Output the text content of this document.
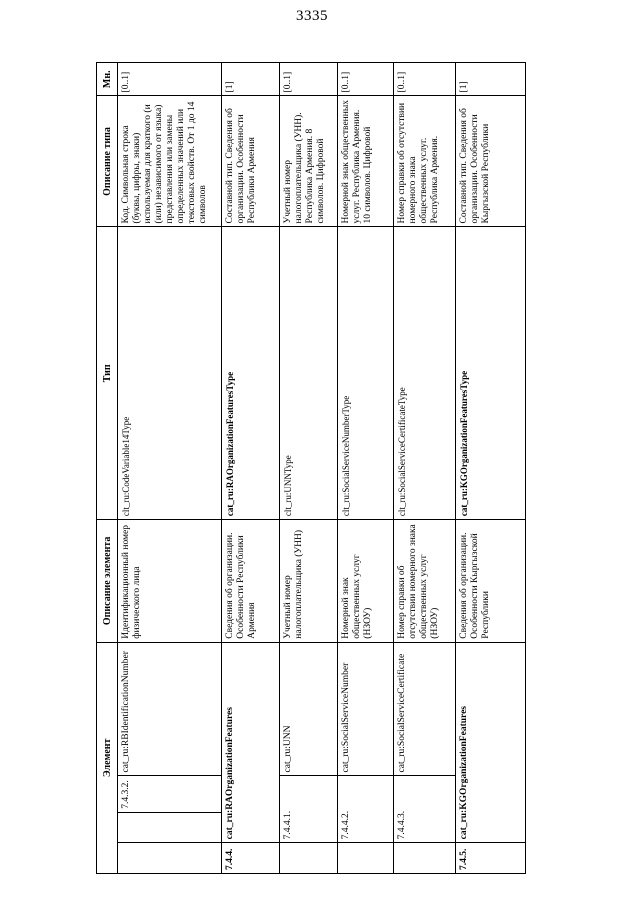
3335
Элемент				Описание элемента	Тип	Описание типа	Мн.
		7.4.3.2.	cat_ru:RBIdentificationNumber	Идентификационный номер физического лица	clt_ru:CodeVariable14Type	Код. Символьная строка (буквы, цифры, знаки) используемая для краткого (и (или) независимого от языка) представления или замены определенных значений или текстовых свойств. От 1 до 14 символов	[0..1]
7.4.4.	cat_ru:RAOrganizationFeatures			Сведения об организации. Особенности Республики Армения	cat_ru:RAOrganizationFeaturesType	Составной тип. Сведения об организации. Особенности Республики Армения	[1]
	7.4.4.1.		cat_ru:UNN	Учетный номер налогоплательщика (УНН)	clt_ru:UNNType	Учетный номер налогоплательщика (УНН). Республика Армения. 8 символов. Цифровой	[0..1]
	7.4.4.2.		cat_ru:SocialServiceNumber	Номерной знак общественных услуг (НЗОУ)	clt_ru:SocialServiceNumberType	Номерной знак общественных услуг. Республика Армения. 10 символов. Цифровой	[0..1]
	7.4.4.3.		cat_ru:SocialServiceCertificate	Номер справки об отсутствии номерного знака общественных услуг (НЗОУ)	clt_ru:SocialServiceCertificateType	Номер справки об отсутствии номерного знака общественных услуг. Республика Армения.	[0..1]
7.4.5.	cat_ru:KGOrganizationFeatures			Сведения об организации. Особенности Кыргызской Республики	cat_ru:KGOrganizationFeaturesType	Составной тип. Сведения об организации. Особенности Кыргызской Республики	[1]
